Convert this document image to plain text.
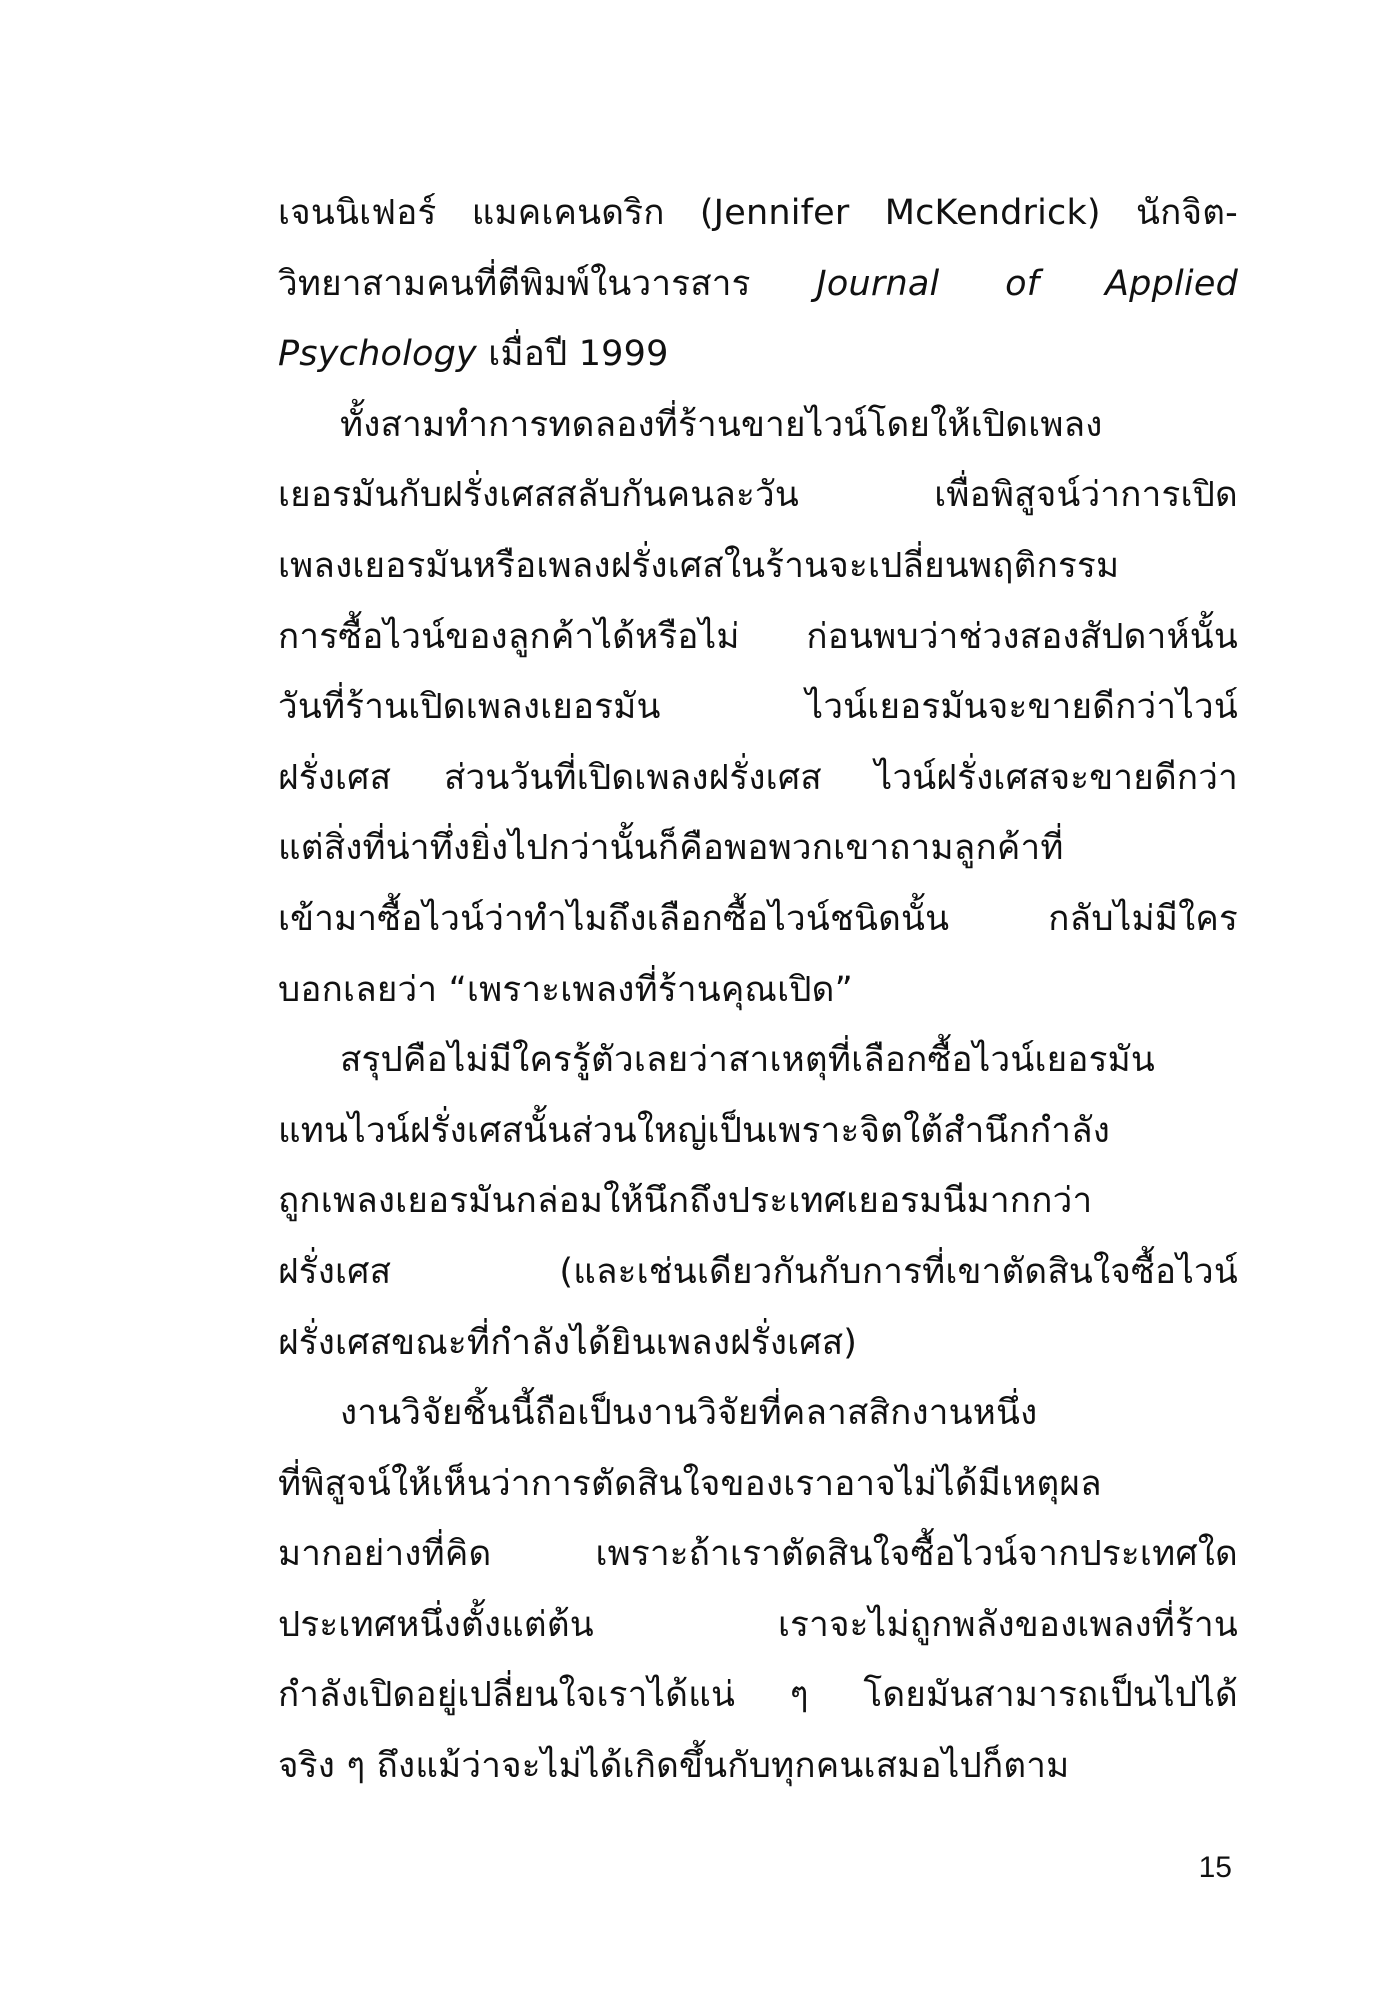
เจนนิเฟอร์ แมคเคนดริก (Jennifer McKendrick) นักจิต-
วิทยาสามคนที่ตีพิมพ์ในวารสาร Journal of Applied
Psychology เมื่อปี 1999
ทั้งสามทำการทดลองที่ร้านขายไวน์โดยให้เปิดเพลง
เยอรมันกับฝรั่งเศสสลับกันคนละวัน เพื่อพิสูจน์ว่าการเปิด
เพลงเยอรมันหรือเพลงฝรั่งเศสในร้านจะเปลี่ยนพฤติกรรม
การซื้อไวน์ของลูกค้าได้หรือไม่ ก่อนพบว่าช่วงสองสัปดาห์นั้น
วันที่ร้านเปิดเพลงเยอรมัน ไวน์เยอรมันจะขายดีกว่าไวน์
ฝรั่งเศส ส่วนวันที่เปิดเพลงฝรั่งเศส ไวน์ฝรั่งเศสจะขายดีกว่า
แต่สิ่งที่น่าทึ่งยิ่งไปกว่านั้นก็คือพอพวกเขาถามลูกค้าที่
เข้ามาซื้อไวน์ว่าทำไมถึงเลือกซื้อไวน์ชนิดนั้น กลับไม่มีใคร
บอกเลยว่า “เพราะเพลงที่ร้านคุณเปิด”
สรุปคือไม่มีใครรู้ตัวเลยว่าสาเหตุที่เลือกซื้อไวน์เยอรมัน
แทนไวน์ฝรั่งเศสนั้นส่วนใหญ่เป็นเพราะจิตใต้สำนึกกำลัง
ถูกเพลงเยอรมันกล่อมให้นึกถึงประเทศเยอรมนีมากกว่า
ฝรั่งเศส (และเช่นเดียวกันกับการที่เขาตัดสินใจซื้อไวน์
ฝรั่งเศสขณะที่กำลังได้ยินเพลงฝรั่งเศส)
งานวิจัยชิ้นนี้ถือเป็นงานวิจัยที่คลาสสิกงานหนึ่ง
ที่พิสูจน์ให้เห็นว่าการตัดสินใจของเราอาจไม่ได้มีเหตุผล
มากอย่างที่คิด เพราะถ้าเราตัดสินใจซื้อไวน์จากประเทศใด
ประเทศหนึ่งตั้งแต่ต้น เราจะไม่ถูกพลังของเพลงที่ร้าน
กำลังเปิดอยู่เปลี่ยนใจเราได้แน่ ๆ โดยมันสามารถเป็นไปได้
จริง ๆ ถึงแม้ว่าจะไม่ได้เกิดขึ้นกับทุกคนเสมอไปก็ตาม
15
